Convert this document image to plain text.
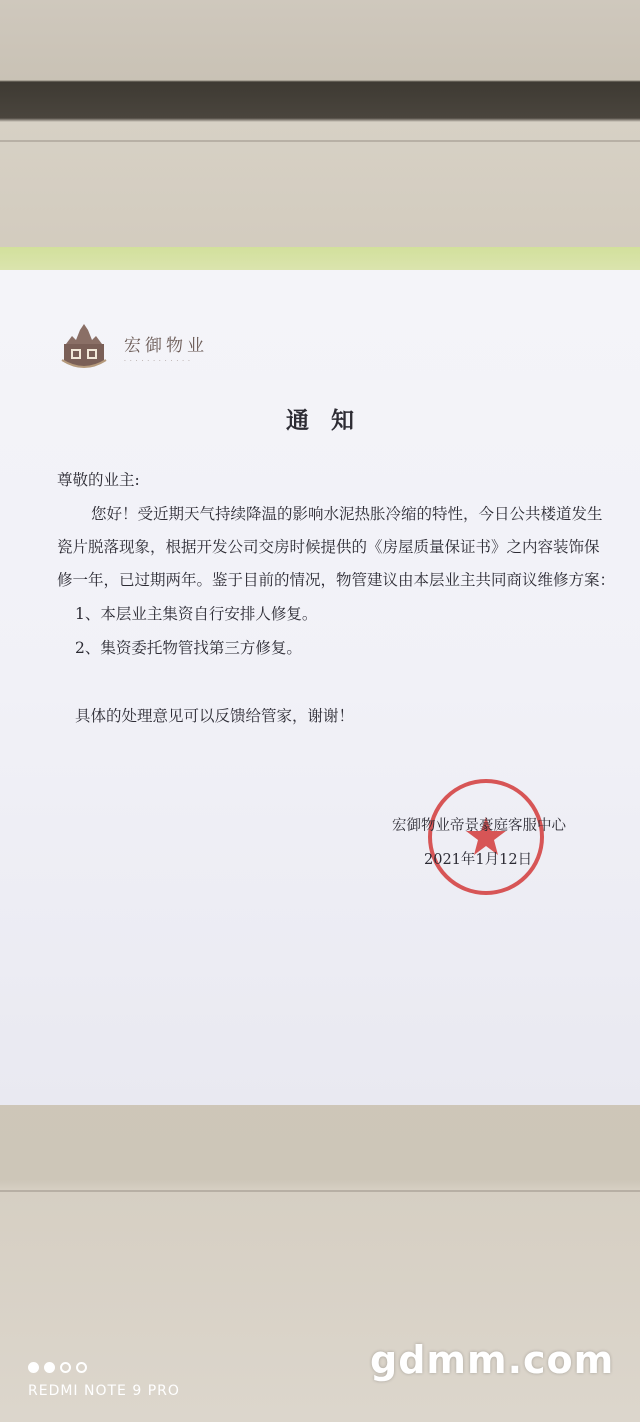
宏御物业
· · · · · · · · · · · ·
通知
尊敬的业主:
您好！受近期天气持续降温的影响水泥热胀冷缩的特性，今日公共楼道发生
瓷片脱落现象，根据开发公司交房时候提供的《房屋质量保证书》之内容装饰保
修一年，已过期两年。鉴于目前的情况，物管建议由本层业主共同商议维修方案：
1、本层业主集资自行安排人修复。
2、集资委托物管找第三方修复。
具体的处理意见可以反馈给管家，谢谢！
宏御物业帝景豪庭客服中心
2021年1月12日
REDMI NOTE 9 PRO
gdmm.com
